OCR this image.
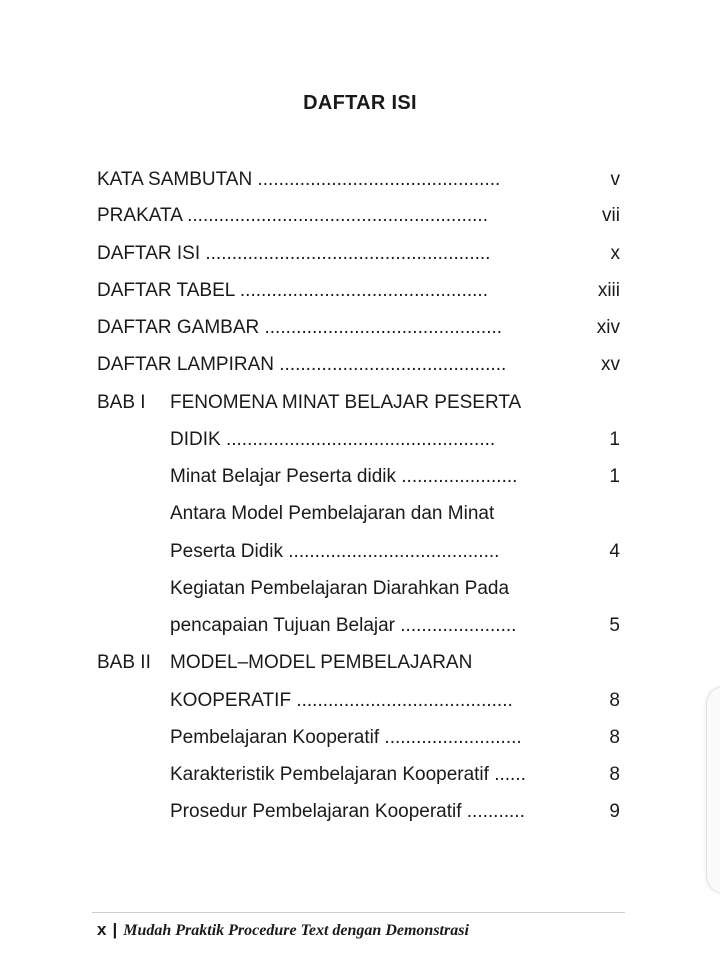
DAFTAR ISI
KATA SAMBUTAN ..............................................	v
PRAKATA .........................................................	vii
DAFTAR ISI ......................................................	x
DAFTAR TABEL ...............................................	xiii
DAFTAR GAMBAR .............................................	xiv
DAFTAR LAMPIRAN ...........................................	xv
BAB I FENOMENA MINAT BELAJAR PESERTA
DIDIK ...................................................	1
Minat Belajar Peserta didik ......................	1
Antara Model Pembelajaran dan Minat
Peserta Didik ........................................	4
Kegiatan Pembelajaran Diarahkan Pada
pencapaian Tujuan Belajar ......................	5
BAB II MODEL–MODEL PEMBELAJARAN
KOOPERATIF .........................................	8
Pembelajaran Kooperatif ..........................	8
Karakteristik Pembelajaran Kooperatif ......	8
Prosedur Pembelajaran Kooperatif ...........	9
x | Mudah Praktik Procedure Text dengan Demonstrasi
